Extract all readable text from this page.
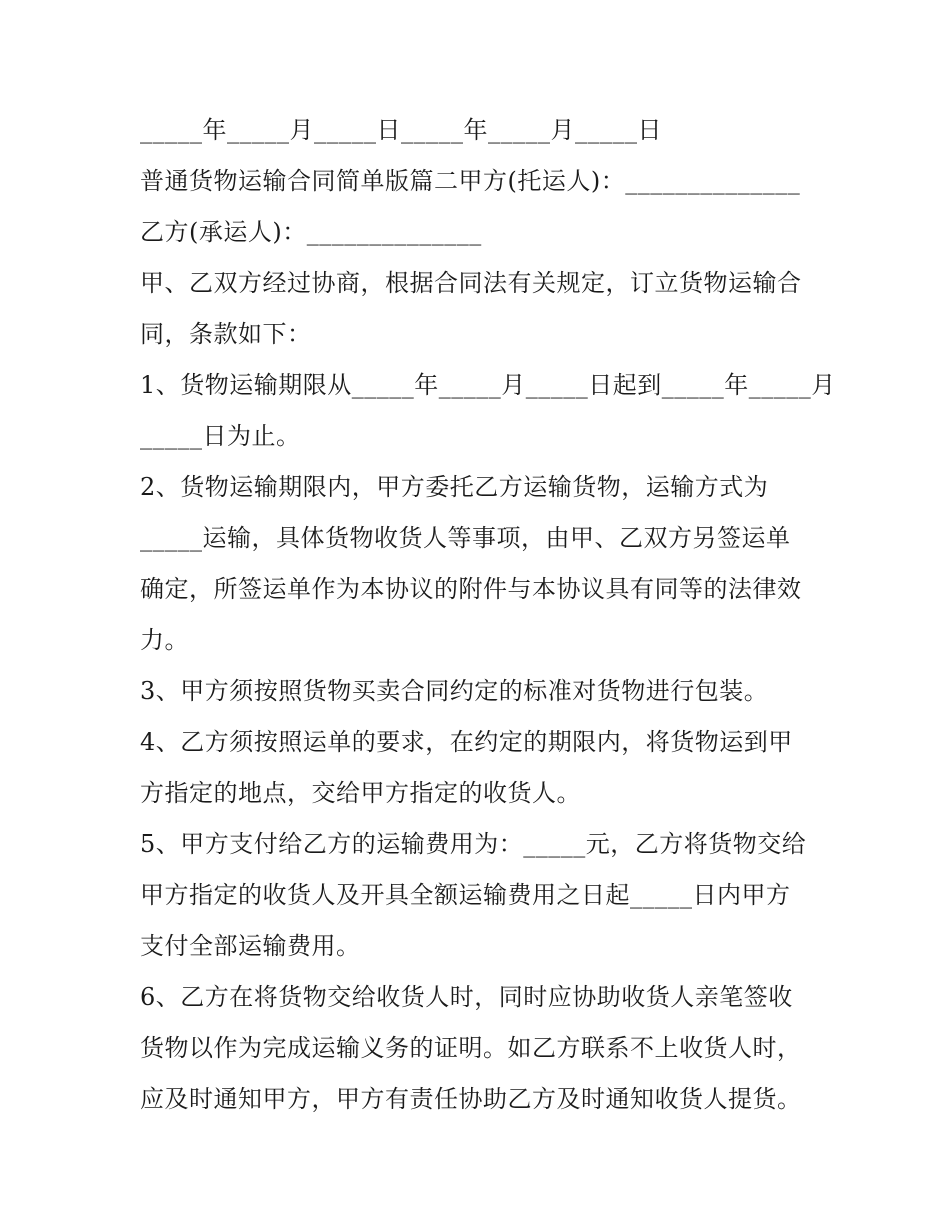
_____年_____月_____日_____年_____月_____日
普通货物运输合同简单版篇二甲方(托运人)：______________
乙方(承运人)：______________
甲、乙双方经过协商，根据合同法有关规定，订立货物运输合
同，条款如下：
1、货物运输期限从_____年_____月_____日起到_____年_____月
_____日为止。
2、货物运输期限内，甲方委托乙方运输货物，运输方式为
_____运输，具体货物收货人等事项，由甲、乙双方另签运单
确定，所签运单作为本协议的附件与本协议具有同等的法律效
力。
3、甲方须按照货物买卖合同约定的标准对货物进行包装。
4、乙方须按照运单的要求，在约定的期限内，将货物运到甲
方指定的地点，交给甲方指定的收货人。
5、甲方支付给乙方的运输费用为：_____元，乙方将货物交给
甲方指定的收货人及开具全额运输费用之日起_____日内甲方
支付全部运输费用。
6、乙方在将货物交给收货人时，同时应协助收货人亲笔签收
货物以作为完成运输义务的证明。如乙方联系不上收货人时，
应及时通知甲方，甲方有责任协助乙方及时通知收货人提货。
